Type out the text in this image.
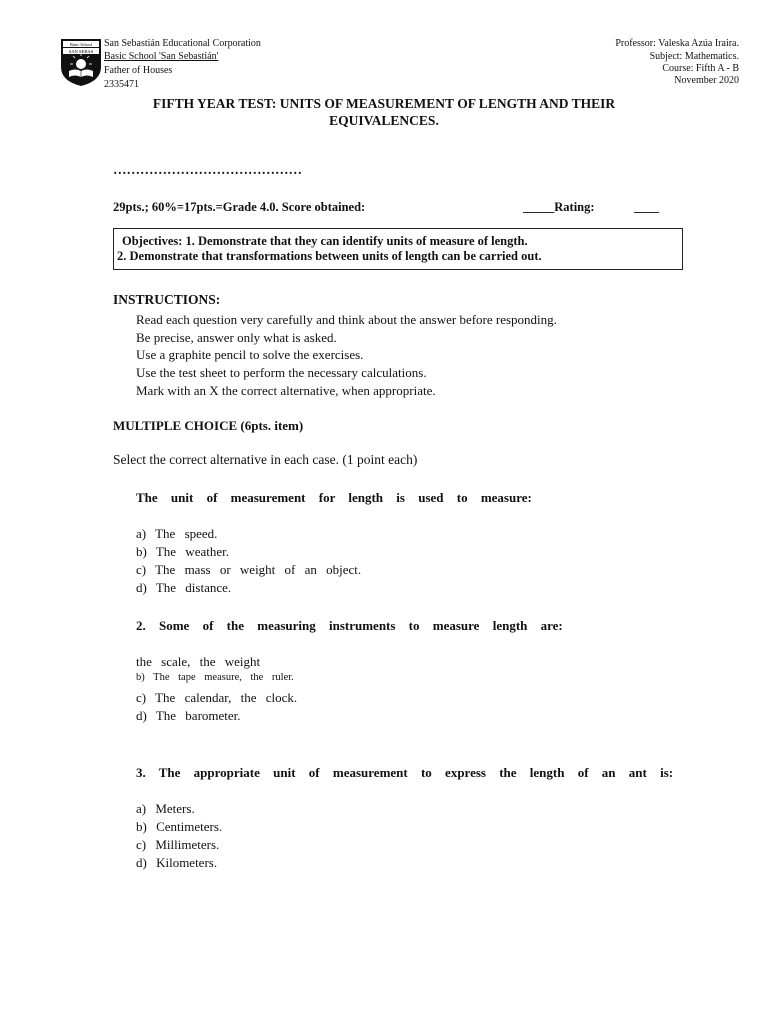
Basic School
SAN SEBAS
San Sebastián Educational Corporation
Basic School 'San Sebastián'
Father of Houses
2335471
Professor: Valeska Azúa Iraira.
Subject: Mathematics.
Course: Fifth A - B
November 2020
FIFTH YEAR TEST: UNITS OF MEASUREMENT OF LENGTH AND THEIR
EQUIVALENCES.
……………………………………
29pts.; 60%=17pts.=Grade 4.0. Score obtained:	_____Rating:	____
Objectives: 1. Demonstrate that they can identify units of measure of length.
2. Demonstrate that transformations between units of length can be carried out.
INSTRUCTIONS:
Read each question very carefully and think about the answer before responding.
Be precise, answer only what is asked.
Use a graphite pencil to solve the exercises.
Use the test sheet to perform the necessary calculations.
Mark with an X the correct alternative, when appropriate.
MULTIPLE CHOICE (6pts. item)
Select the correct alternative in each case. (1 point each)
The unit of measurement for length is used to measure:
a) The speed.
b) The weather.
c) The mass or weight of an object.
d) The distance.
2. Some of the measuring instruments to measure length are:
the scale, the weight
b) The tape measure, the ruler.
c) The calendar, the clock.
d) The barometer.
3. The appropriate unit of measurement to express the length of an ant is:
a) Meters.
b) Centimeters.
c) Millimeters.
d) Kilometers.
